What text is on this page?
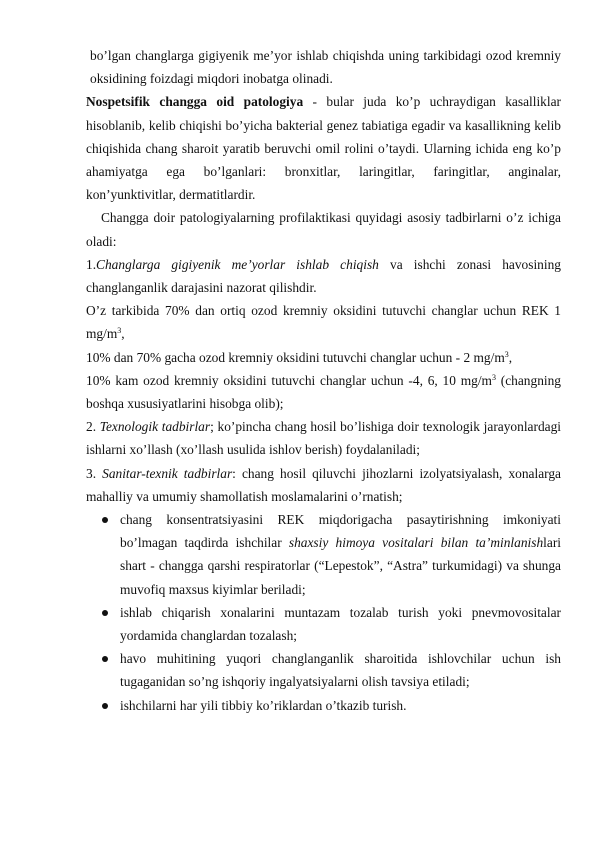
bo’lgan changlarga gigiyenik me’yor ishlab chiqishda uning tarkibidagi ozod kremniy oksidining foizdagi miqdori inobatga olinadi.

Nospetsifik changga oid patologiya - bular juda ko’p uchraydigan kasalliklar hisoblanib, kelib chiqishi bo’yicha bakterial genez tabiatiga egadir va kasallikning kelib chiqishida chang sharoit yaratib beruvchi omil rolini o’taydi. Ularning ichida eng ko’p ahamiyatga ega bo’lganlari: bronxitlar, laringitlar, faringitlar, anginalar, kon’yunktivitlar, dermatitlardir.

Changga doir patologiyalarning profilaktikasi quyidagi asosiy tadbirlarni o’z ichiga oladi:

1.Changlarga gigiyenik me’yorlar ishlab chiqish va ishchi zonasi havosining changlanganlik darajasini nazorat qilishdir.

O’z tarkibida 70% dan ortiq ozod kremniy oksidini tutuvchi changlar uchun REK 1 $mg/m^3$,

10% dan 70% gacha ozod kremniy oksidini tutuvchi changlar uchun - 2 $mg/m^3$,

10% kam ozod kremniy oksidini tutuvchi changlar uchun -4, 6, 10 $mg/m^3$ (changning boshqa xususiyatlarini hisobga olib);

2. Texnologik tadbirlar; ko’pincha chang hosil bo’lishiga doir texnologik jarayonlardagi ishlarni xo’llash (xo’llash usulida ishlov berish) foydalaniladi;

3. Sanitar-texnik tadbirlar: chang hosil qiluvchi jihozlarni izolyatsiyalash, xonalarga mahalliy va umumiy shamollatish moslamalarini o’rnatish;

chang konsentratsiyasini REK miqdorigacha pasaytirishning imkoniyati bo’lmagan taqdirda ishchilar shaxsiy himoya vositalari bilan ta’minlanishlari shart - changga qarshi respiratorlar (“Lepestok”, “Astra” turkumidagi) va shunga muvofiq maxsus kiyimlar beriladi;
ishlab chiqarish xonalarini muntazam tozalab turish yoki pnevmovositalar yordamida changlardan tozalash;
havo muhitining yuqori changlanganlik sharoitida ishlovchilar uchun ish tugaganidan so’ng ishqoriy ingalyatsiyalarni olish tavsiya etiladi;
ishchilarni har yili tibbiy ko’riklardan o’tkazib turish.
